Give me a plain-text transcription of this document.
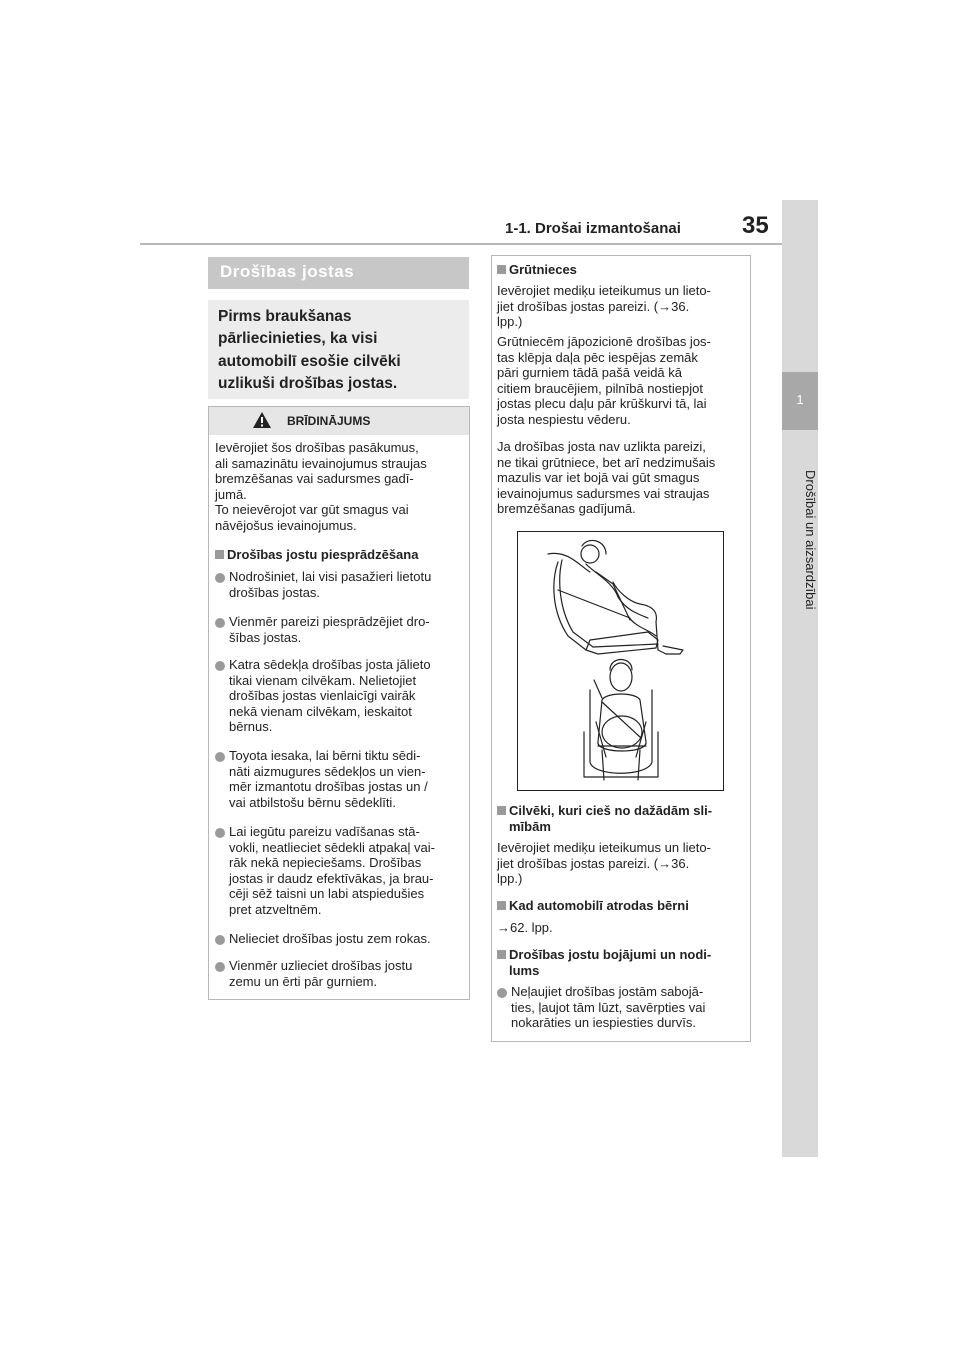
1-1. Drošai izmantošanai	35
1
Drošībai un aizsardzībai
Drošības jostas
Pirms braukšanas
pārliecinieties, ka visi
automobilī esošie cilvēki
uzlikuši drošības jostas.
BRĪDINĀJUMS
Ievērojiet šos drošības pasākumus,
ali samazinātu ievainojumus straujas
bremzēšanas vai sadursmes gadī-
jumā.
To neievērojot var gūt smagus vai
nāvējošus ievainojumus.
Drošības jostu piesprādzēšana
Nodrošiniet, lai visi pasažieri lietotu
drošības jostas.
Vienmēr pareizi piesprādzējiet dro-
šības jostas.
Katra sēdekļa drošības josta jālieto
tikai vienam cilvēkam. Nelietojiet
drošības jostas vienlaicīgi vairāk
nekā vienam cilvēkam, ieskaitot
bērnus.
Toyota iesaka, lai bērni tiktu sēdi-
nāti aizmugures sēdekļos un vien-
mēr izmantotu drošības jostas un /
vai atbilstošu bērnu sēdeklīti.
Lai iegūtu pareizu vadīšanas stā-
vokli, neatlieciet sēdekli atpakaļ vai-
rāk nekā nepieciešams. Drošības
jostas ir daudz efektīvākas, ja brau-
cēji sēž taisni un labi atspiedušies
pret atzveltnēm.
Nelieciet drošības jostu zem rokas.
Vienmēr uzlieciet drošības jostu
zemu un ērti pār gurniem.
Grūtnieces
Ievērojiet mediķu ieteikumus un lieto-
jiet drošības jostas pareizi. (→36.
lpp.)
Grūtniecēm jāpozicionē drošības jos-
tas klēpja daļa pēc iespējas zemāk
pāri gurniem tādā pašā veidā kā
citiem braucējiem, pilnībā nostiepjot
jostas plecu daļu pār krūškurvi tā, lai
josta nespiestu vēderu.
Ja drošības josta nav uzlikta pareizi,
ne tikai grūtniece, bet arī nedzimušais
mazulis var iet bojā vai gūt smagus
ievainojumus sadursmes vai straujas
bremzēšanas gadījumā.
Cilvēki, kuri cieš no dažādām sli-
mībām
Ievērojiet mediķu ieteikumus un lieto-
jiet drošības jostas pareizi. (→36.
lpp.)
Kad automobilī atrodas bērni
→62. lpp.
Drošības jostu bojājumi un nodi-
lums
Neļaujiet drošības jostām sabojā-
ties, ļaujot tām lūzt, savērpties vai
nokarāties un iespiesties durvīs.
